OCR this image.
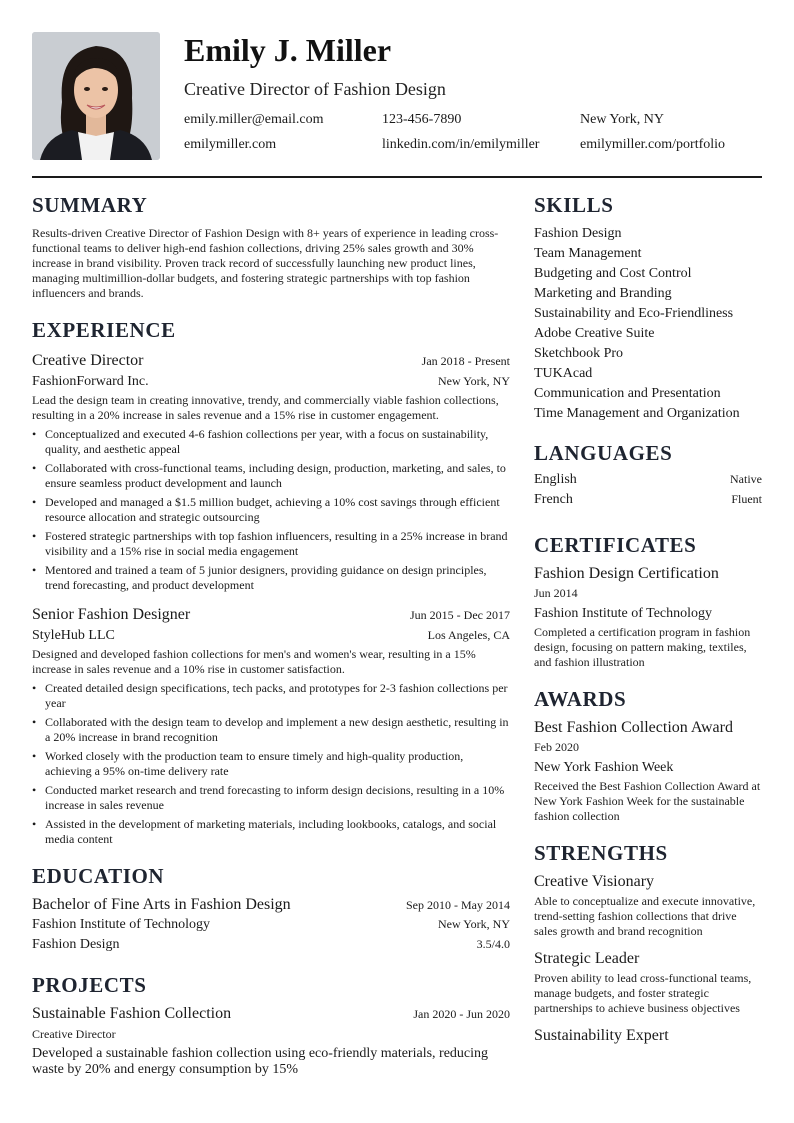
Emily J. Miller
Creative Director of Fashion Design
emily.miller@email.com	123-456-7890	New York, NY
emilymiller.com	linkedin.com/in/emilymiller	emilymiller.com/portfolio
SUMMARY

Results-driven Creative Director of Fashion Design with 8+ years of experience in leading cross-functional teams to deliver high-end fashion collections, driving 25% sales growth and 30% increase in brand visibility. Proven track record of successfully launching new product lines, managing multimillion-dollar budgets, and fostering strategic partnerships with top fashion influencers and brands.

EXPERIENCE
Creative Director	Jan 2018 - Present
FashionForward Inc.	New York, NY

Lead the design team in creating innovative, trendy, and commercially viable fashion collections, resulting in a 20% increase in sales revenue and a 15% rise in customer engagement.

• Conceptualized and executed 4-6 fashion collections per year, with a focus on sustainability, quality, and aesthetic appeal
• Collaborated with cross-functional teams, including design, production, marketing, and sales, to ensure seamless product development and launch
• Developed and managed a $1.5 million budget, achieving a 10% cost savings through efficient resource allocation and strategic outsourcing
• Fostered strategic partnerships with top fashion influencers, resulting in a 25% increase in brand visibility and a 15% rise in social media engagement
• Mentored and trained a team of 5 junior designers, providing guidance on design principles, trend forecasting, and product development
Senior Fashion Designer	Jun 2015 - Dec 2017
StyleHub LLC	Los Angeles, CA

Designed and developed fashion collections for men's and women's wear, resulting in a 15% increase in sales revenue and a 10% rise in customer satisfaction.

• Created detailed design specifications, tech packs, and prototypes for 2-3 fashion collections per year
• Collaborated with the design team to develop and implement a new design aesthetic, resulting in a 20% increase in brand recognition
• Worked closely with the production team to ensure timely and high-quality production, achieving a 95% on-time delivery rate
• Conducted market research and trend forecasting to inform design decisions, resulting in a 10% increase in sales revenue
• Assisted in the development of marketing materials, including lookbooks, catalogs, and social media content
EDUCATION
Bachelor of Fine Arts in Fashion Design	Sep 2010 - May 2014
Fashion Institute of Technology	New York, NY
Fashion Design	3.5/4.0
PROJECTS
Sustainable Fashion Collection	Jan 2020 - Jun 2020
Creative Director

Developed a sustainable fashion collection using eco-friendly materials, reducing waste by 20% and energy consumption by 15%

SKILLS
Fashion Design
Team Management
Budgeting and Cost Control
Marketing and Branding
Sustainability and Eco-Friendliness
Adobe Creative Suite
Sketchbook Pro
TUKAcad
Communication and Presentation
Time Management and Organization
LANGUAGES
English	Native
French	Fluent
CERTIFICATES
Fashion Design Certification
Jun 2014
Fashion Institute of Technology

Completed a certification program in fashion design, focusing on pattern making, textiles, and fashion illustration

AWARDS
Best Fashion Collection Award
Feb 2020
New York Fashion Week

Received the Best Fashion Collection Award at New York Fashion Week for the sustainable fashion collection

STRENGTHS
Creative Visionary

Able to conceptualize and execute innovative, trend-setting fashion collections that drive sales growth and brand recognition

Strategic Leader

Proven ability to lead cross-functional teams, manage budgets, and foster strategic partnerships to achieve business objectives

Sustainability Expert
